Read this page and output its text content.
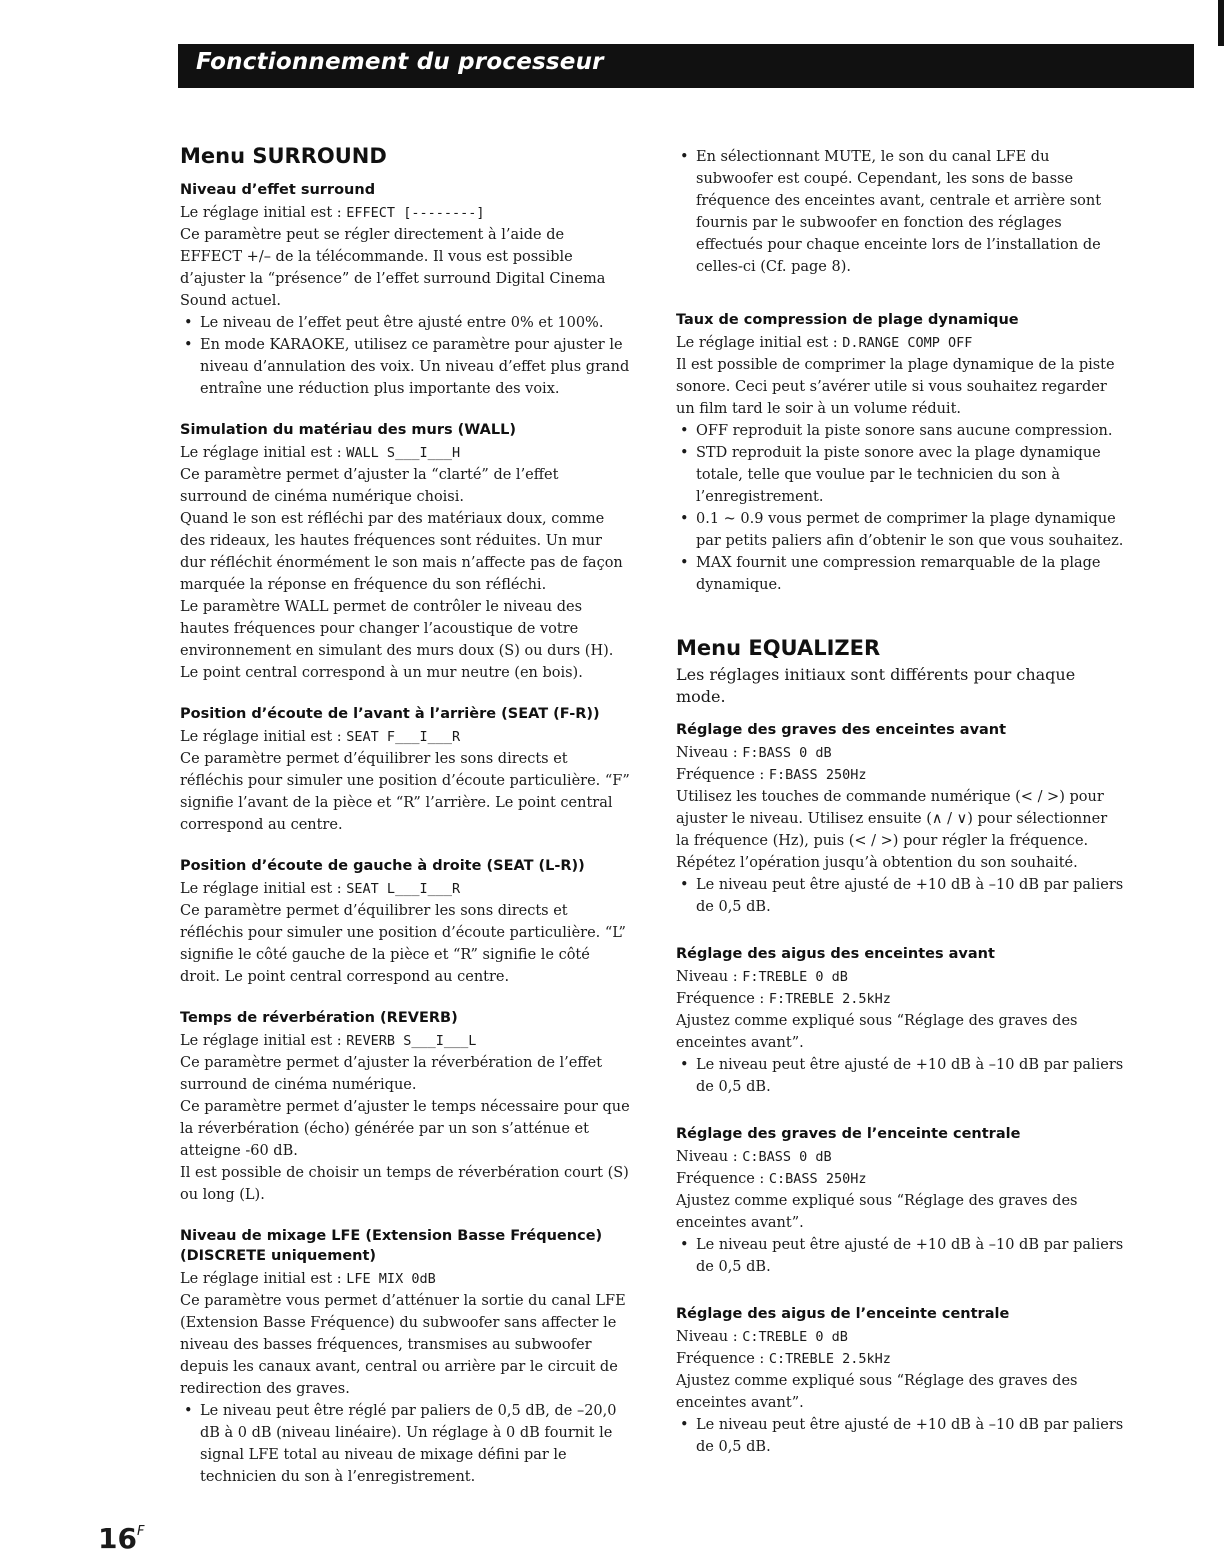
Fonctionnement du processeur
Menu SURROUND
Niveau d’effet surround

Le réglage initial est : EFFECT [--------]

Ce paramètre peut se régler directement à l’aide de EFFECT +/– de la télécommande. Il vous est possible d’ajuster la “présence” de l’effet surround Digital Cinema Sound actuel.

• Le niveau de l’effet peut être ajusté entre 0% et 100%.
• En mode KARAOKE, utilisez ce paramètre pour ajuster le niveau d’annulation des voix. Un niveau d’effet plus grand entraîne une réduction plus importante des voix.
Simulation du matériau des murs (WALL)

Le réglage initial est : WALL S___I___H

Ce paramètre permet d’ajuster la “clarté” de l’effet surround de cinéma numérique choisi.

Quand le son est réfléchi par des matériaux doux, comme des rideaux, les hautes fréquences sont réduites. Un mur dur réfléchit énormément le son mais n’affecte pas de façon marquée la réponse en fréquence du son réfléchi.

Le paramètre WALL permet de contrôler le niveau des hautes fréquences pour changer l’acoustique de votre environnement en simulant des murs doux (S) ou durs (H). Le point central correspond à un mur neutre (en bois).

Position d’écoute de l’avant à l’arrière (SEAT (F-R))

Le réglage initial est : SEAT F___I___R

Ce paramètre permet d’équilibrer les sons directs et réfléchis pour simuler une position d’écoute particulière. “F” signifie l’avant de la pièce et “R” l’arrière. Le point central correspond au centre.

Position d’écoute de gauche à droite (SEAT (L-R))

Le réglage initial est : SEAT L___I___R

Ce paramètre permet d’équilibrer les sons directs et réfléchis pour simuler une position d’écoute particulière. “L” signifie le côté gauche de la pièce et “R” signifie le côté droit. Le point central correspond au centre.

Temps de réverbération (REVERB)

Le réglage initial est : REVERB S___I___L

Ce paramètre permet d’ajuster la réverbération de l’effet surround de cinéma numérique.

Ce paramètre permet d’ajuster le temps nécessaire pour que la réverbération (écho) générée par un son s’atténue et atteigne -60 dB.

Il est possible de choisir un temps de réverbération court (S) ou long (L).

Niveau de mixage LFE (Extension Basse Fréquence) (DISCRETE uniquement)

Le réglage initial est : LFE MIX 0dB

Ce paramètre vous permet d’atténuer la sortie du canal LFE (Extension Basse Fréquence) du subwoofer sans affecter le niveau des basses fréquences, transmises au subwoofer depuis les canaux avant, central ou arrière par le circuit de redirection des graves.

• Le niveau peut être réglé par paliers de 0,5 dB, de –20,0 dB à 0 dB (niveau linéaire). Un réglage à 0 dB fournit le signal LFE total au niveau de mixage défini par le technicien du son à l’enregistrement.
• En sélectionnant MUTE, le son du canal LFE du subwoofer est coupé. Cependant, les sons de basse fréquence des enceintes avant, centrale et arrière sont fournis par le subwoofer en fonction des réglages effectués pour chaque enceinte lors de l’installation de celles-ci (Cf. page 8).
Taux de compression de plage dynamique

Le réglage initial est : D.RANGE COMP OFF

Il est possible de comprimer la plage dynamique de la piste sonore. Ceci peut s’avérer utile si vous souhaitez regarder un film tard le soir à un volume réduit.

• OFF reproduit la piste sonore sans aucune compression.
• STD reproduit la piste sonore avec la plage dynamique totale, telle que voulue par le technicien du son à l’enregistrement.
• 0.1 ~ 0.9 vous permet de comprimer la plage dynamique par petits paliers afin d’obtenir le son que vous souhaitez.
• MAX fournit une compression remarquable de la plage dynamique.
Menu EQUALIZER

Les réglages initiaux sont différents pour chaque mode.

Réglage des graves des enceintes avant

Niveau : F:BASS 0 dB

Fréquence : F:BASS 250Hz

Utilisez les touches de commande numérique (< / >) pour ajuster le niveau. Utilisez ensuite (∧ / ∨) pour sélectionner la fréquence (Hz), puis (< / >) pour régler la fréquence.

Répétez l’opération jusqu’à obtention du son souhaité.

• Le niveau peut être ajusté de +10 dB à –10 dB par paliers de 0,5 dB.
Réglage des aigus des enceintes avant

Niveau : F:TREBLE 0 dB

Fréquence : F:TREBLE 2.5kHz

Ajustez comme expliqué sous “Réglage des graves des enceintes avant”.

• Le niveau peut être ajusté de +10 dB à –10 dB par paliers de 0,5 dB.
Réglage des graves de l’enceinte centrale

Niveau : C:BASS 0 dB

Fréquence : C:BASS 250Hz

Ajustez comme expliqué sous “Réglage des graves des enceintes avant”.

• Le niveau peut être ajusté de +10 dB à –10 dB par paliers de 0,5 dB.
Réglage des aigus de l’enceinte centrale

Niveau : C:TREBLE 0 dB

Fréquence : C:TREBLE 2.5kHz

Ajustez comme expliqué sous “Réglage des graves des enceintes avant”.

• Le niveau peut être ajusté de +10 dB à –10 dB par paliers de 0,5 dB.
$16^F$
